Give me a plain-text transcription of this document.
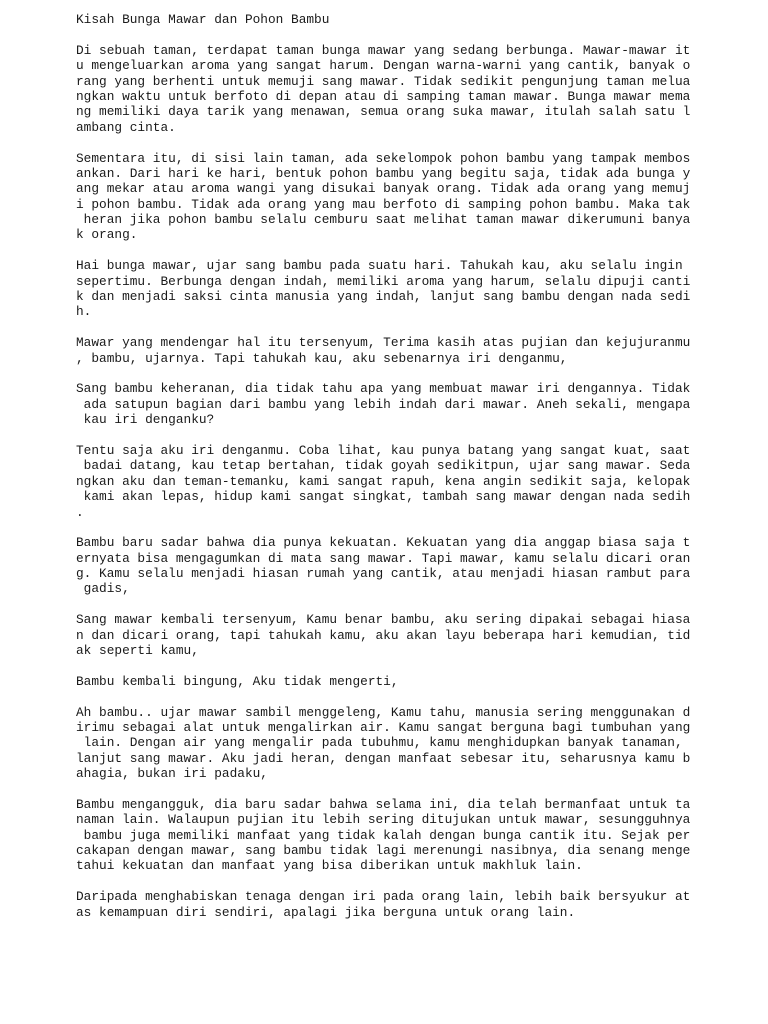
Kisah Bunga Mawar dan Pohon Bambu
Di sebuah taman, terdapat taman bunga mawar yang sedang berbunga. Mawar-mawar it
u mengeluarkan aroma yang sangat harum. Dengan warna-warni yang cantik, banyak o
rang yang berhenti untuk memuji sang mawar. Tidak sedikit pengunjung taman melua
ngkan waktu untuk berfoto di depan atau di samping taman mawar. Bunga mawar mema
ng memiliki daya tarik yang menawan, semua orang suka mawar, itulah salah satu l
ambang cinta.
Sementara itu, di sisi lain taman, ada sekelompok pohon bambu yang tampak membos
ankan. Dari hari ke hari, bentuk pohon bambu yang begitu saja, tidak ada bunga y
ang mekar atau aroma wangi yang disukai banyak orang. Tidak ada orang yang memuj
i pohon bambu. Tidak ada orang yang mau berfoto di samping pohon bambu. Maka tak
heran jika pohon bambu selalu cemburu saat melihat taman mawar dikerumuni banya
k orang.
Hai bunga mawar, ujar sang bambu pada suatu hari. Tahukah kau, aku selalu ingin
sepertimu. Berbunga dengan indah, memiliki aroma yang harum, selalu dipuji canti
k dan menjadi saksi cinta manusia yang indah, lanjut sang bambu dengan nada sedi
h.
Mawar yang mendengar hal itu tersenyum, Terima kasih atas pujian dan kejujuranmu
, bambu, ujarnya. Tapi tahukah kau, aku sebenarnya iri denganmu,
Sang bambu keheranan, dia tidak tahu apa yang membuat mawar iri dengannya. Tidak
ada satupun bagian dari bambu yang lebih indah dari mawar. Aneh sekali, mengapa
kau iri denganku?
Tentu saja aku iri denganmu. Coba lihat, kau punya batang yang sangat kuat, saat
badai datang, kau tetap bertahan, tidak goyah sedikitpun, ujar sang mawar. Seda
ngkan aku dan teman-temanku, kami sangat rapuh, kena angin sedikit saja, kelopak
kami akan lepas, hidup kami sangat singkat, tambah sang mawar dengan nada sedih
.
Bambu baru sadar bahwa dia punya kekuatan. Kekuatan yang dia anggap biasa saja t
ernyata bisa mengagumkan di mata sang mawar. Tapi mawar, kamu selalu dicari oran
g. Kamu selalu menjadi hiasan rumah yang cantik, atau menjadi hiasan rambut para
gadis,
Sang mawar kembali tersenyum, Kamu benar bambu, aku sering dipakai sebagai hiasa
n dan dicari orang, tapi tahukah kamu, aku akan layu beberapa hari kemudian, tid
ak seperti kamu,
Bambu kembali bingung, Aku tidak mengerti,
Ah bambu.. ujar mawar sambil menggeleng, Kamu tahu, manusia sering menggunakan d
irimu sebagai alat untuk mengalirkan air. Kamu sangat berguna bagi tumbuhan yang
lain. Dengan air yang mengalir pada tubuhmu, kamu menghidupkan banyak tanaman,
lanjut sang mawar. Aku jadi heran, dengan manfaat sebesar itu, seharusnya kamu b
ahagia, bukan iri padaku,
Bambu mengangguk, dia baru sadar bahwa selama ini, dia telah bermanfaat untuk ta
naman lain. Walaupun pujian itu lebih sering ditujukan untuk mawar, sesungguhnya
bambu juga memiliki manfaat yang tidak kalah dengan bunga cantik itu. Sejak per
cakapan dengan mawar, sang bambu tidak lagi merenungi nasibnya, dia senang menge
tahui kekuatan dan manfaat yang bisa diberikan untuk makhluk lain.
Daripada menghabiskan tenaga dengan iri pada orang lain, lebih baik bersyukur at
as kemampuan diri sendiri, apalagi jika berguna untuk orang lain.
